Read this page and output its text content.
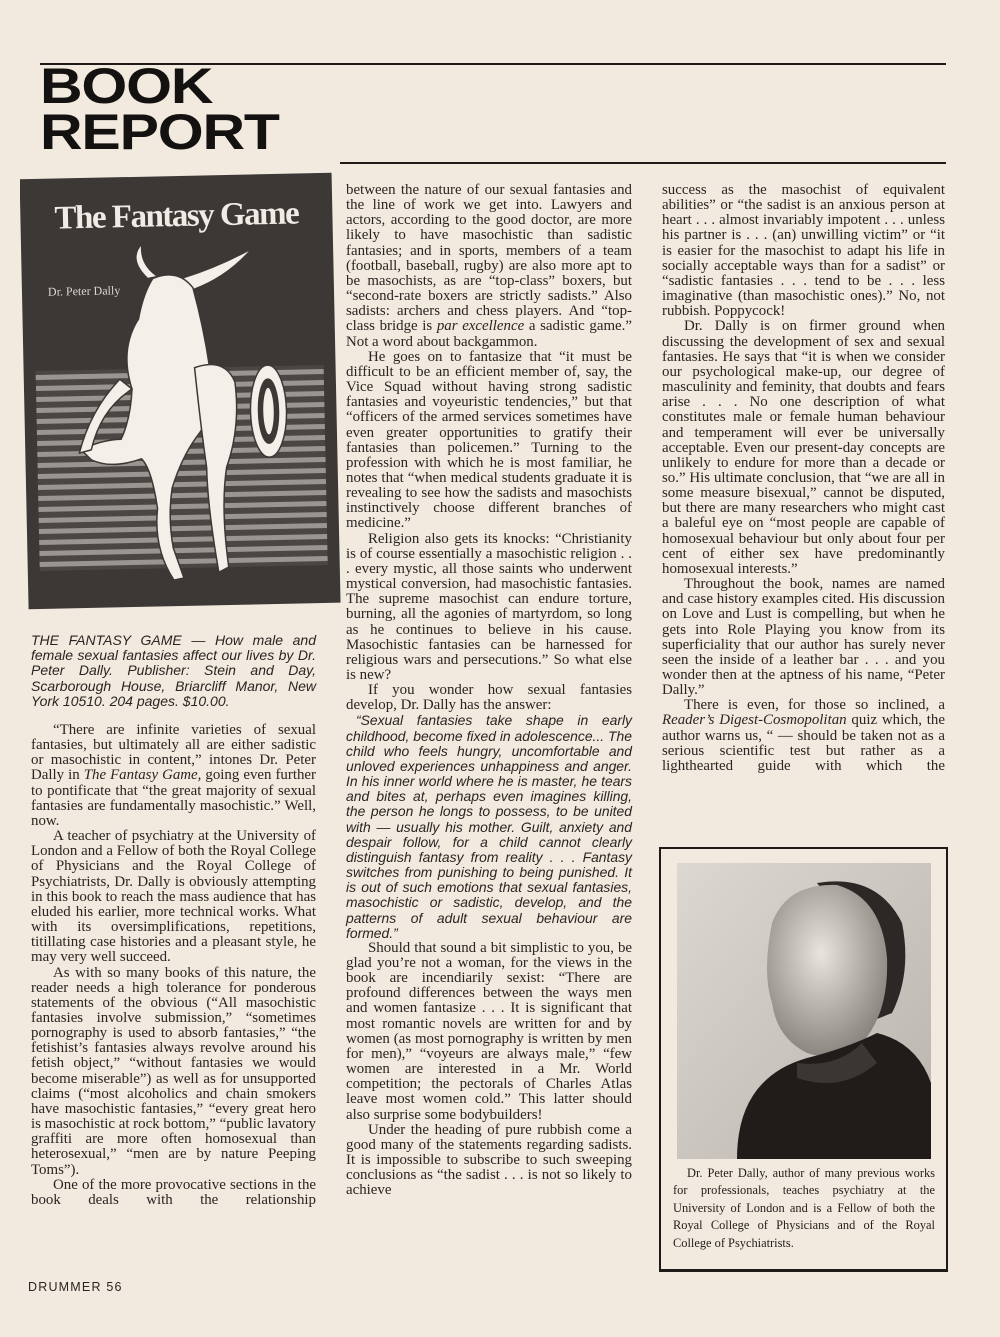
BOOK
REPORT
The Fantasy Game
Dr. Peter Dally
THE FANTASY GAME — How male and female sexual fantasies affect our lives by Dr. Peter Dally. Publisher: Stein and Day, Scarborough House, Briarcliff Manor, New York 10510. 204 pages. $10.00.

“There are infinite varieties of sexual fantasies, but ultimately all are either sadistic or masochistic in content,” intones Dr. Peter Dally in The Fantasy Game, going even further to pontificate that “the great majority of sexual fantasies are fundamentally masochistic.” Well, now.

A teacher of psychiatry at the University of London and a Fellow of both the Royal College of Physicians and the Royal College of Psychiatrists, Dr. Dally is obviously attempting in this book to reach the mass audience that has eluded his earlier, more technical works. What with its oversimplifications, repetitions, titillating case histories and a pleasant style, he may very well succeed.

As with so many books of this nature, the reader needs a high tolerance for ponderous statements of the obvious (“All masochistic fantasies involve submission,” “sometimes pornography is used to absorb fantasies,” “the fetishist’s fantasies always revolve around his fetish object,” “without fantasies we would become miserable”) as well as for unsupported claims (“most alcoholics and chain smokers have masochistic fantasies,” “every great hero is masochistic at rock bottom,” “public lavatory graffiti are more often homosexual than heterosexual,” “men are by nature Peeping Toms”).

One of the more provocative sections in the book deals with the relationship

between the nature of our sexual fantasies and the line of work we get into. Lawyers and actors, according to the good doctor, are more likely to have masochistic than sadistic fantasies; and in sports, members of a team (football, baseball, rugby) are also more apt to be masochists, as are “top-class” boxers, but “second-rate boxers are strictly sadists.” Also sadists: archers and chess players. And “top-class bridge is par excellence a sadistic game.” Not a word about backgammon.

He goes on to fantasize that “it must be difficult to be an efficient member of, say, the Vice Squad without having strong sadistic fantasies and voyeuristic tendencies,” but that “officers of the armed services sometimes have even greater opportunities to gratify their fantasies than policemen.” Turning to the profession with which he is most familiar, he notes that “when medical students graduate it is revealing to see how the sadists and masochists instinctively choose different branches of medicine.”

Religion also gets its knocks: “Christianity is of course essentially a masochistic religion . . . every mystic, all those saints who underwent mystical conversion, had masochistic fantasies. The supreme masochist can endure torture, burning, all the agonies of martyrdom, so long as he continues to believe in his cause. Masochistic fantasies can be harnessed for religious wars and persecutions.” So what else is new?

If you wonder how sexual fantasies develop, Dr. Dally has the answer:

“Sexual fantasies take shape in early childhood, become fixed in adolescence... The child who feels hungry, uncomfortable and unloved experiences unhappiness and anger. In his inner world where he is master, he tears and bites at, perhaps even imagines killing, the person he longs to possess, to be united with — usually his mother. Guilt, anxiety and despair follow, for a child cannot clearly distinguish fantasy from reality . . . Fantasy switches from punishing to being punished. It is out of such emotions that sexual fantasies, masochistic or sadistic, develop, and the patterns of adult sexual behaviour are formed.”

Should that sound a bit simplistic to you, be glad you’re not a woman, for the views in the book are incendiarily sexist: “There are profound differences between the ways men and women fantasize . . . It is significant that most romantic novels are written for and by women (as most pornography is written by men for men),” “voyeurs are always male,” “few women are interested in a Mr. World competition; the pectorals of Charles Atlas leave most women cold.” This latter should also surprise some bodybuilders!

Under the heading of pure rubbish come a good many of the statements regarding sadists. It is impossible to subscribe to such sweeping conclusions as “the sadist . . . is not so likely to achieve

success as the masochist of equivalent abilities” or “the sadist is an anxious person at heart . . . almost invariably impotent . . . unless his partner is . . . (an) unwilling victim” or “it is easier for the masochist to adapt his life in socially acceptable ways than for a sadist” or “sadistic fantasies . . . tend to be . . . less imaginative (than masochistic ones).” No, not rubbish. Poppycock!

Dr. Dally is on firmer ground when discussing the development of sex and sexual fantasies. He says that “it is when we consider our psychological make-up, our degree of masculinity and feminity, that doubts and fears arise . . . No one description of what constitutes male or female human behaviour and temperament will ever be universally acceptable. Even our present-day concepts are unlikely to endure for more than a decade or so.” His ultimate conclusion, that “we are all in some measure bisexual,” cannot be disputed, but there are many researchers who might cast a baleful eye on “most people are capable of homosexual behaviour but only about four per cent of either sex have predominantly homosexual interests.”

Throughout the book, names are named and case history examples cited. His discussion on Love and Lust is compelling, but when he gets into Role Playing you know from its superficiality that our author has surely never seen the inside of a leather bar . . . and you wonder then at the aptness of his name, “Peter Dally.”

There is even, for those so inclined, a Reader’s Digest-Cosmopolitan quiz which, the author warns us, “ — should be taken not as a serious scientific test but rather as a lighthearted guide with which the

Dr. Peter Dally, author of many previous works for professionals, teaches psychiatry at the University of London and is a Fellow of both the Royal College of Physicians and of the Royal College of Psychiatrists.
DRUMMER 56
